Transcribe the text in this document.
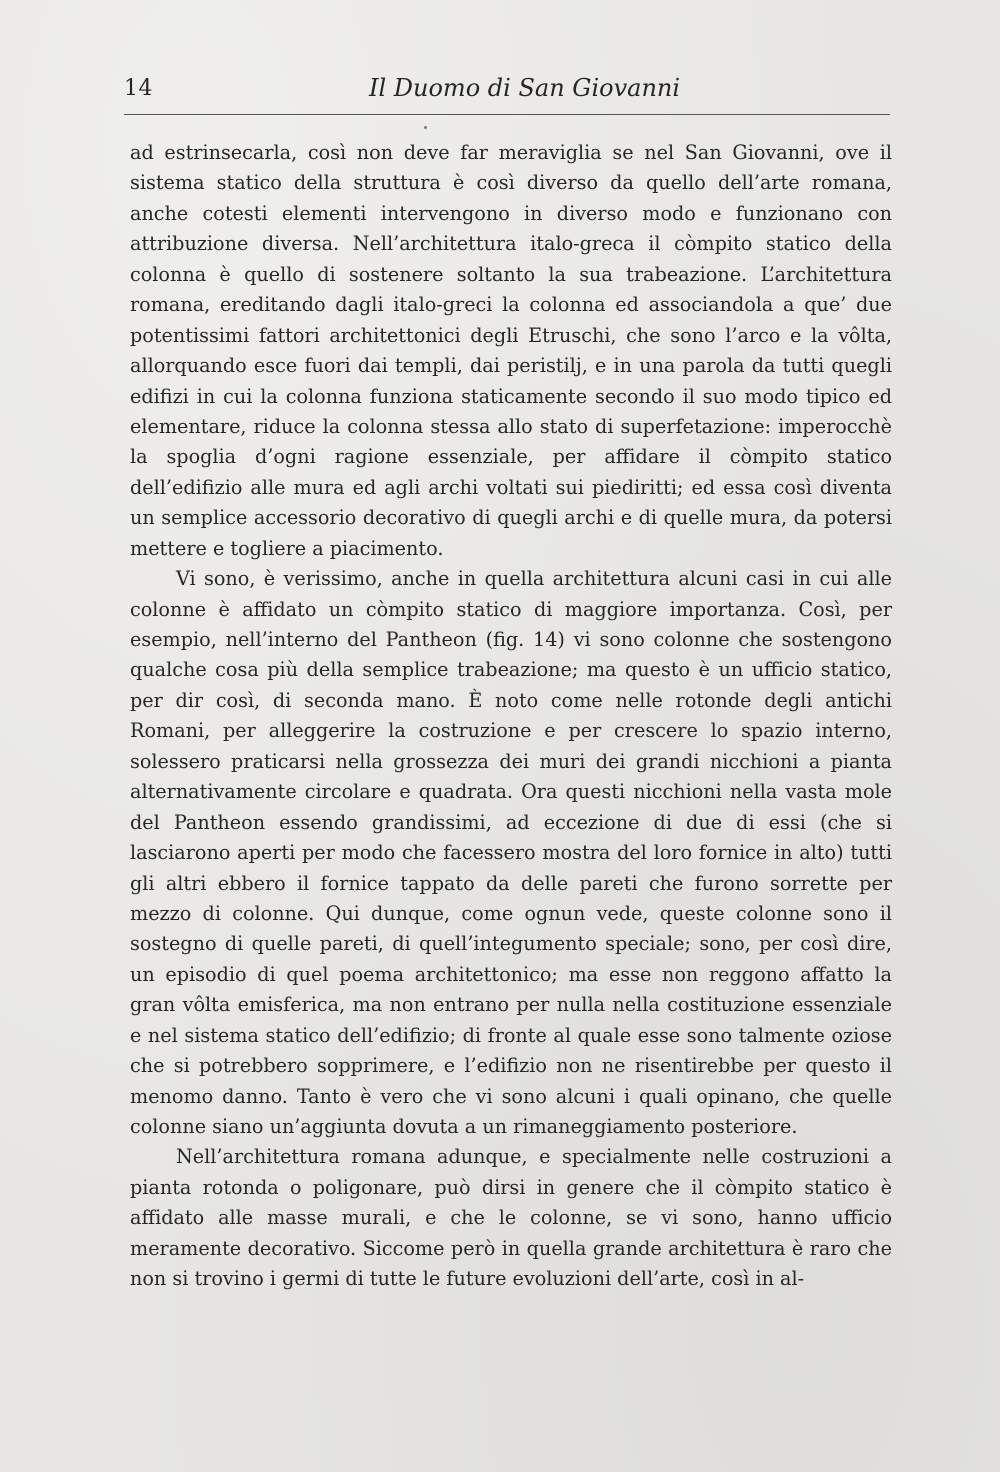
14	Il Duomo di San Giovanni

ad estrinsecarla, così non deve far meraviglia se nel San Giovanni, ove il sistema statico della struttura è così diverso da quello dell’arte romana, anche cotesti elementi intervengono in diverso modo e funzionano con attribuzione diversa. Nell’architettura italo-greca il còmpito statico della colonna è quello di sostenere soltanto la sua trabeazione. L’architettura romana, ereditando dagli italo-greci la colonna ed associandola a que’ due potentissimi fattori architettonici degli Etruschi, che sono l’arco e la vôlta, allorquando esce fuori dai templi, dai peristilj, e in una parola da tutti quegli edifizi in cui la colonna funziona staticamente secondo il suo modo tipico ed elementare, riduce la colonna stessa allo stato di superfetazione: imperocchè la spoglia d’ogni ragione essenziale, per affidare il còmpito statico dell’edifizio alle mura ed agli archi voltati sui piediritti; ed essa così diventa un semplice accessorio decorativo di quegli archi e di quelle mura, da potersi mettere e togliere a piacimento.

Vi sono, è verissimo, anche in quella architettura alcuni casi in cui alle colonne è affidato un còmpito statico di maggiore importanza. Così, per esempio, nell’interno del Pantheon (fig. 14) vi sono colonne che sostengono qualche cosa più della semplice trabeazione; ma questo è un ufficio statico, per dir così, di seconda mano. È noto come nelle rotonde degli antichi Romani, per alleggerire la costruzione e per crescere lo spazio interno, solessero praticarsi nella grossezza dei muri dei grandi nicchioni a pianta alternativamente circolare e quadrata. Ora questi nicchioni nella vasta mole del Pantheon essendo grandissimi, ad eccezione di due di essi (che si lasciarono aperti per modo che facessero mostra del loro fornice in alto) tutti gli altri ebbero il fornice tappato da delle pareti che furono sorrette per mezzo di colonne. Qui dunque, come ognun vede, queste colonne sono il sostegno di quelle pareti, di quell’integumento speciale; sono, per così dire, un episodio di quel poema architettonico; ma esse non reggono affatto la gran vôlta emisferica, ma non entrano per nulla nella costituzione essenziale e nel sistema statico dell’edifizio; di fronte al quale esse sono talmente oziose che si potrebbero sopprimere, e l’edifizio non ne risentirebbe per questo il menomo danno. Tanto è vero che vi sono alcuni i quali opinano, che quelle colonne siano un’aggiunta dovuta a un rimaneggiamento posteriore.

Nell’architettura romana adunque, e specialmente nelle costruzioni a pianta rotonda o poligonare, può dirsi in genere che il còmpito statico è affidato alle masse murali, e che le colonne, se vi sono, hanno ufficio meramente decorativo. Siccome però in quella grande architettura è raro che non si trovino i germi di tutte le future evoluzioni dell’arte, così in al-
